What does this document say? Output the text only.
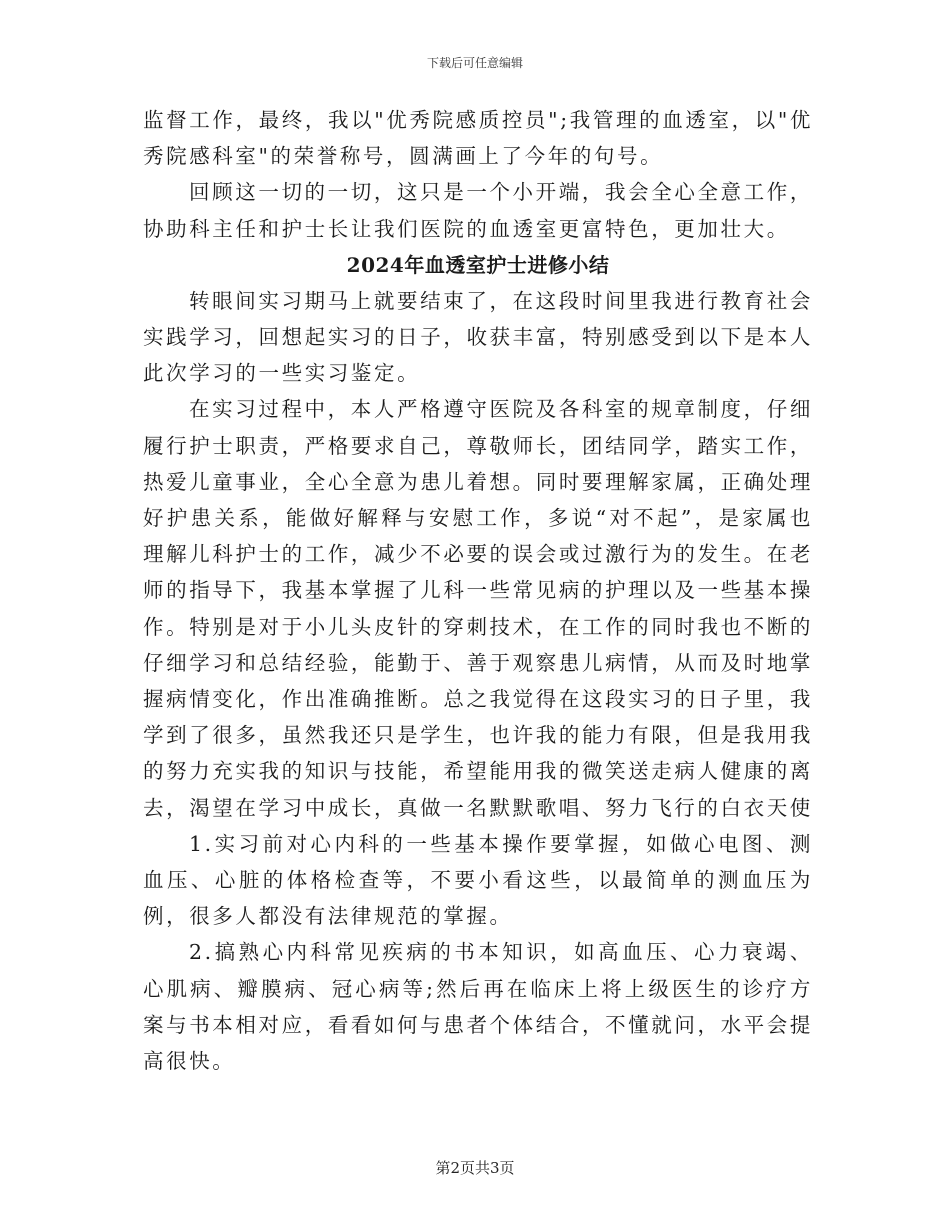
下载后可任意编辑

监督工作，最终，我以"优秀院感质控员";我管理的血透室，以"优秀院感科室"的荣誉称号，圆满画上了今年的句号。

回顾这一切的一切，这只是一个小开端，我会全心全意工作，协助科主任和护士长让我们医院的血透室更富特色，更加壮大。

2024年血透室护士进修小结

转眼间实习期马上就要结束了，在这段时间里我进行教育社会实践学习，回想起实习的日子，收获丰富，特别感受到以下是本人此次学习的一些实习鉴定。

在实习过程中，本人严格遵守医院及各科室的规章制度，仔细履行护士职责，严格要求自己，尊敬师长，团结同学，踏实工作，热爱儿童事业，全心全意为患儿着想。同时要理解家属，正确处理好护患关系，能做好解释与安慰工作，多说“对不起”，是家属也理解儿科护士的工作，减少不必要的误会或过激行为的发生。在老师的指导下，我基本掌握了儿科一些常见病的护理以及一些基本操作。特别是对于小儿头皮针的穿刺技术，在工作的同时我也不断的仔细学习和总结经验，能勤于、善于观察患儿病情，从而及时地掌握病情变化，作出准确推断。总之我觉得在这段实习的日子里，我学到了很多，虽然我还只是学生，也许我的能力有限，但是我用我的努力充实我的知识与技能，希望能用我的微笑送走病人健康的离去，渴望在学习中成长，真做一名默默歌唱、努力飞行的白衣天使

1.实习前对心内科的一些基本操作要掌握，如做心电图、测血压、心脏的体格检查等，不要小看这些，以最简单的测血压为例，很多人都没有法律规范的掌握。

2.搞熟心内科常见疾病的书本知识，如高血压、心力衰竭、心肌病、瓣膜病、冠心病等;然后再在临床上将上级医生的诊疗方案与书本相对应，看看如何与患者个体结合，不懂就问，水平会提高很快。

第2页共3页
